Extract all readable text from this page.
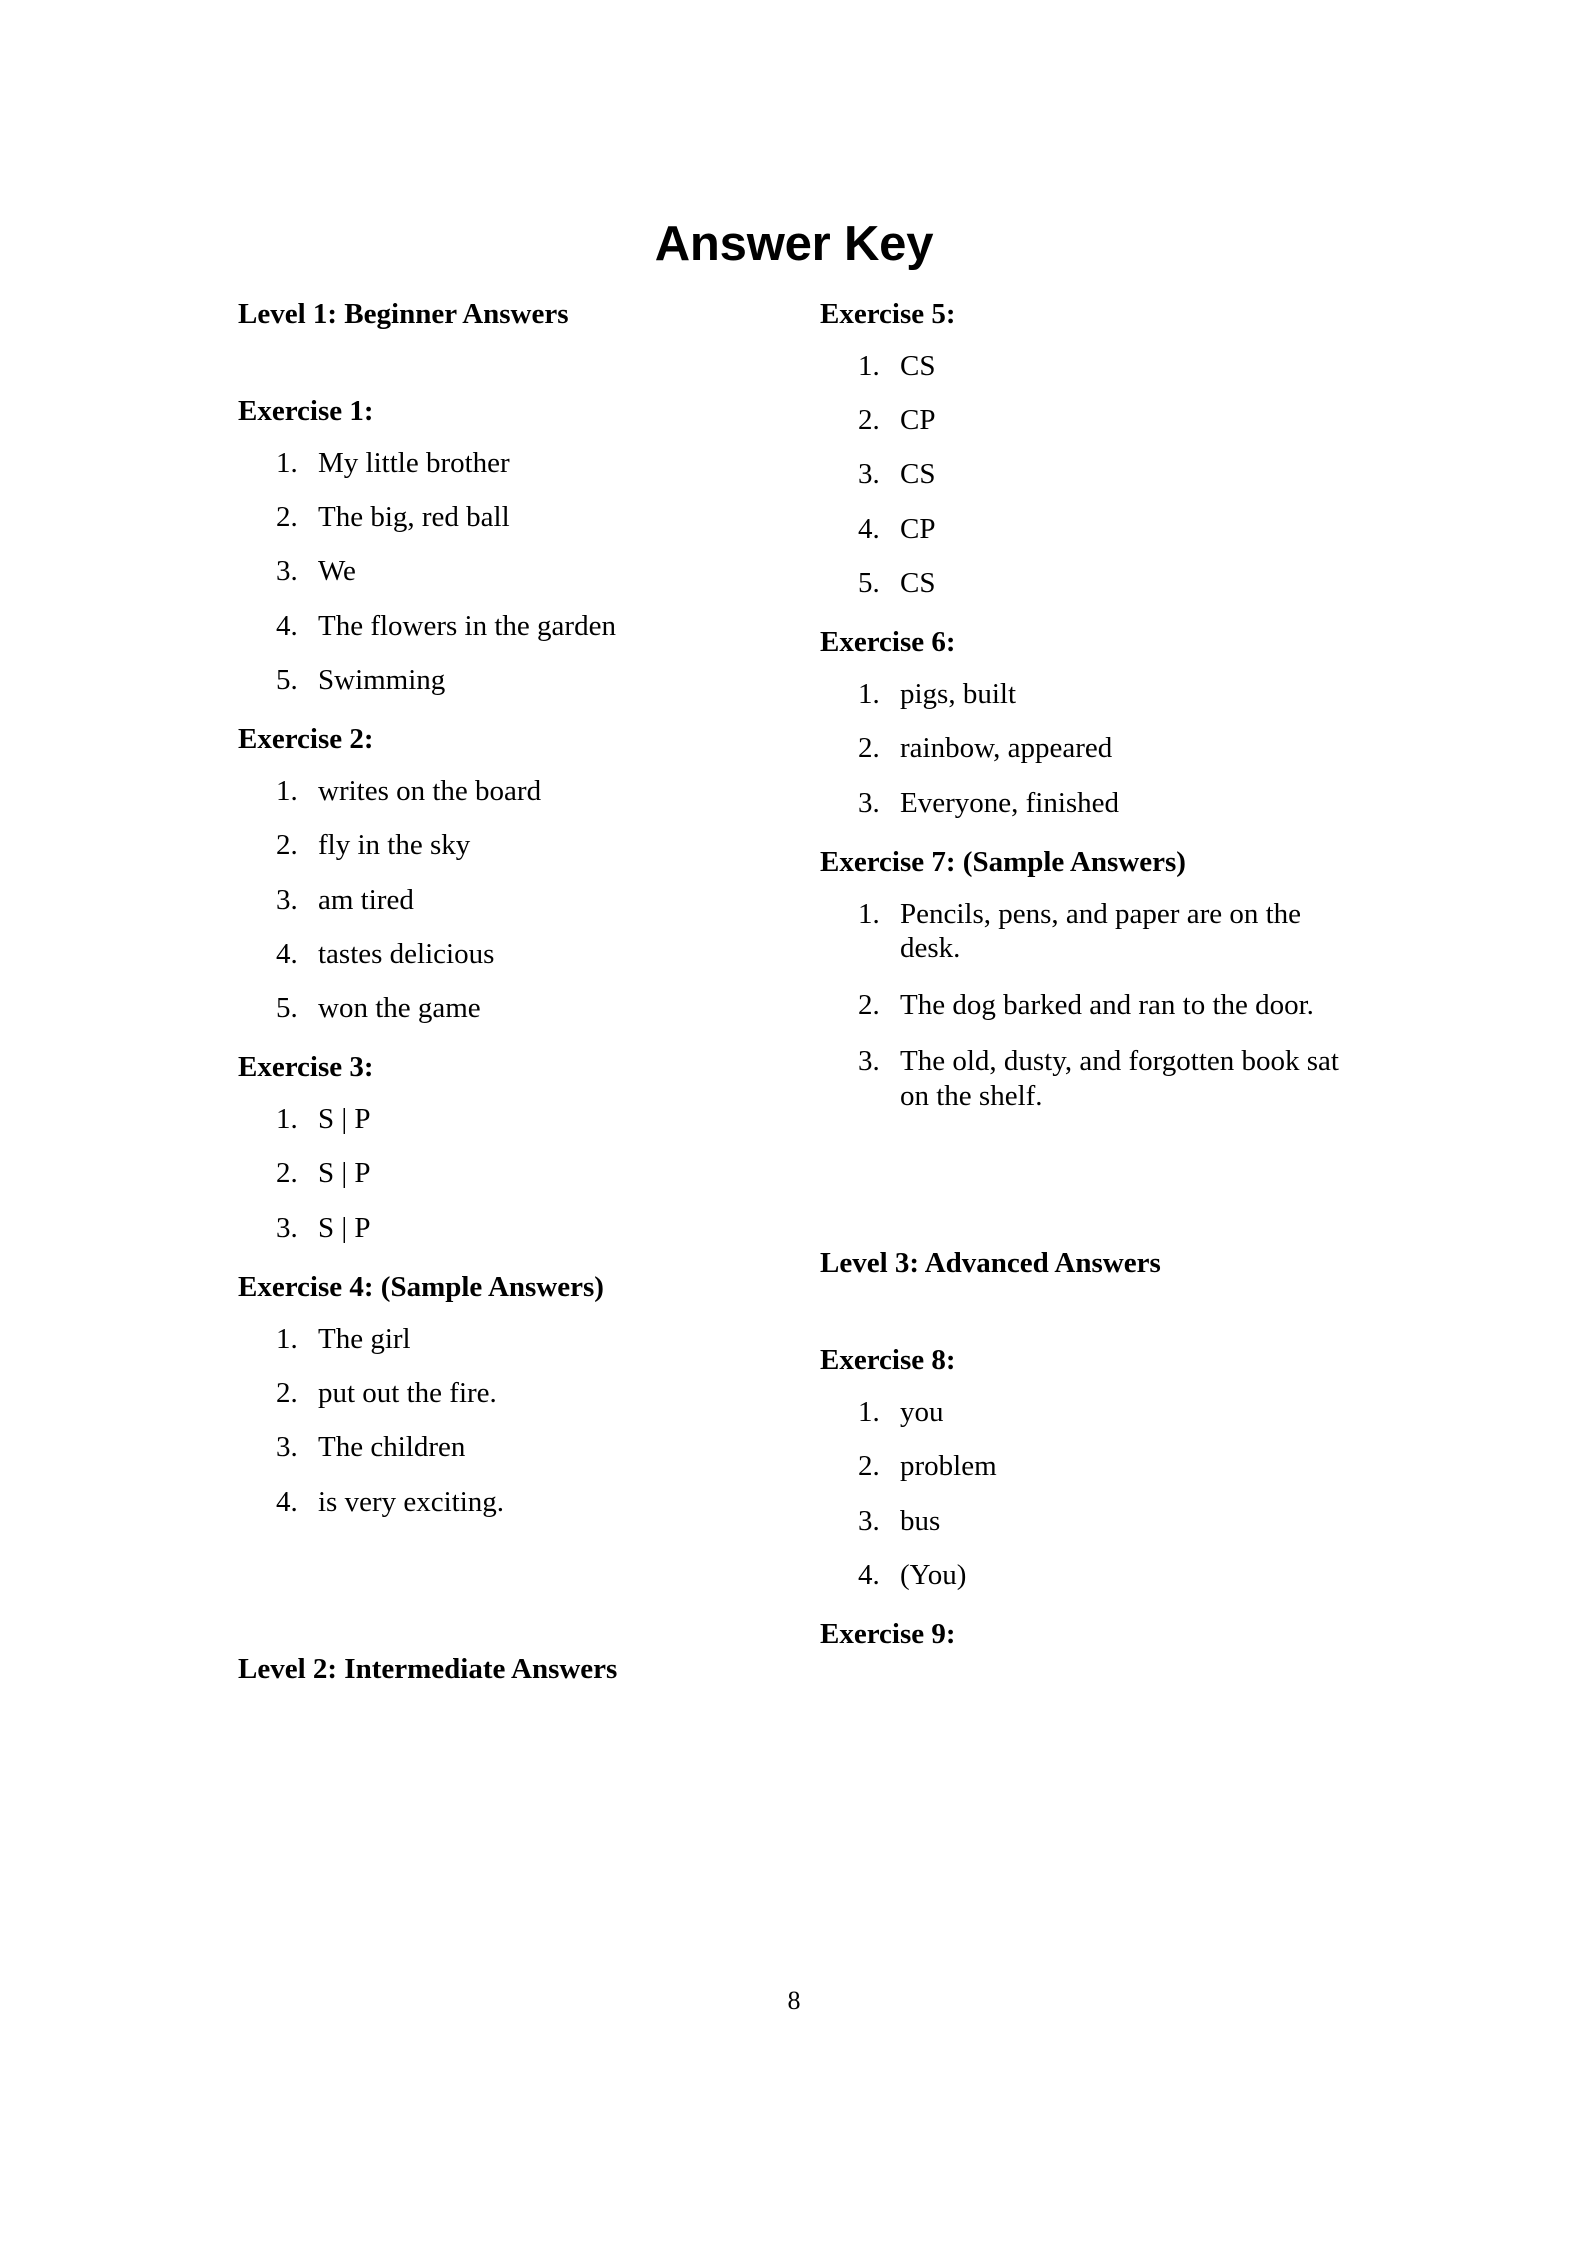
Answer Key
Level 1: Beginner Answers
Exercise 1:
1. My little brother
2. The big, red ball
3. We
4. The flowers in the garden
5. Swimming
Exercise 2:
1. writes on the board
2. fly in the sky
3. am tired
4. tastes delicious
5. won the game
Exercise 3:
1. S | P
2. S | P
3. S | P
Exercise 4: (Sample Answers)
1. The girl
2. put out the fire.
3. The children
4. is very exciting.
Level 2: Intermediate Answers
Exercise 5:
1. CS
2. CP
3. CS
4. CP
5. CS
Exercise 6:
1. pigs, built
2. rainbow, appeared
3. Everyone, finished
Exercise 7: (Sample Answers)
1. Pencils, pens, and paper are on the desk.
2. The dog barked and ran to the door.
3. The old, dusty, and forgotten book sat on the shelf.
Level 3: Advanced Answers
Exercise 8:
1. you
2. problem
3. bus
4. (You)
Exercise 9:
8
